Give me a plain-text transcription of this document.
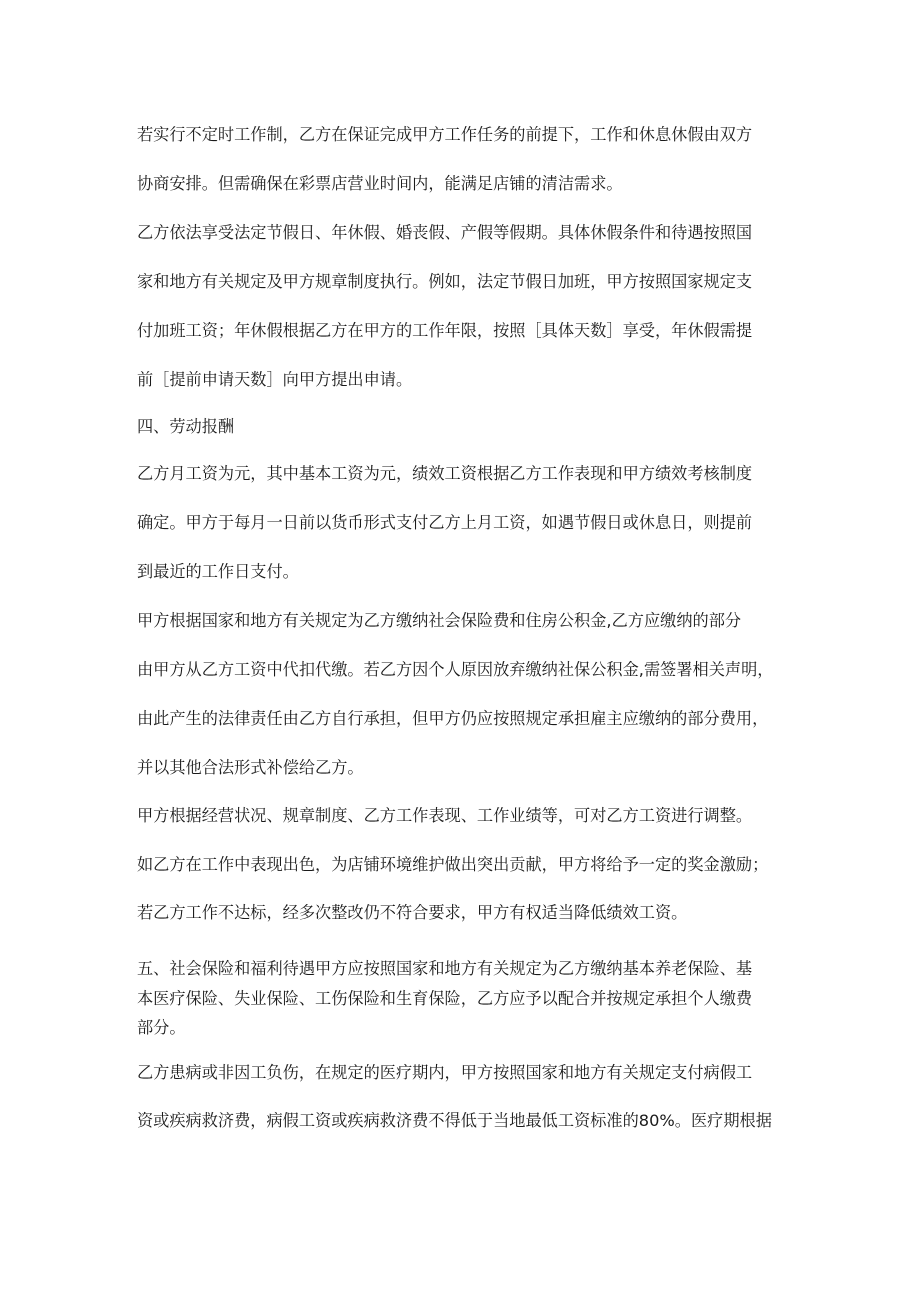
若实行不定时工作制，乙方在保证完成甲方工作任务的前提下，工作和休息休假由双方
协商安排。但需确保在彩票店营业时间内，能满足店铺的清洁需求。
乙方依法享受法定节假日、年休假、婚丧假、产假等假期。具体休假条件和待遇按照国
家和地方有关规定及甲方规章制度执行。例如，法定节假日加班，甲方按照国家规定支
付加班工资；年休假根据乙方在甲方的工作年限，按照［具体天数］享受，年休假需提
前［提前申请天数］向甲方提出申请。
四、劳动报酬
乙方月工资为元，其中基本工资为元，绩效工资根据乙方工作表现和甲方绩效考核制度
确定。甲方于每月一日前以货币形式支付乙方上月工资，如遇节假日或休息日，则提前
到最近的工作日支付。
甲方根据国家和地方有关规定为乙方缴纳社会保险费和住房公积金,乙方应缴纳的部分
由甲方从乙方工资中代扣代缴。若乙方因个人原因放弃缴纳社保公积金,需签署相关声明，
由此产生的法律责任由乙方自行承担，但甲方仍应按照规定承担雇主应缴纳的部分费用，
并以其他合法形式补偿给乙方。
甲方根据经营状况、规章制度、乙方工作表现、工作业绩等，可对乙方工资进行调整。
如乙方在工作中表现出色，为店铺环境维护做出突出贡献，甲方将给予一定的奖金激励；
若乙方工作不达标，经多次整改仍不符合要求，甲方有权适当降低绩效工资。
五、社会保险和福利待遇甲方应按照国家和地方有关规定为乙方缴纳基本养老保险、基
本医疗保险、失业保险、工伤保险和生育保险，乙方应予以配合并按规定承担个人缴费
部分。
乙方患病或非因工负伤，在规定的医疗期内，甲方按照国家和地方有关规定支付病假工
资或疾病救济费，病假工资或疾病救济费不得低于当地最低工资标准的80%。医疗期根据
